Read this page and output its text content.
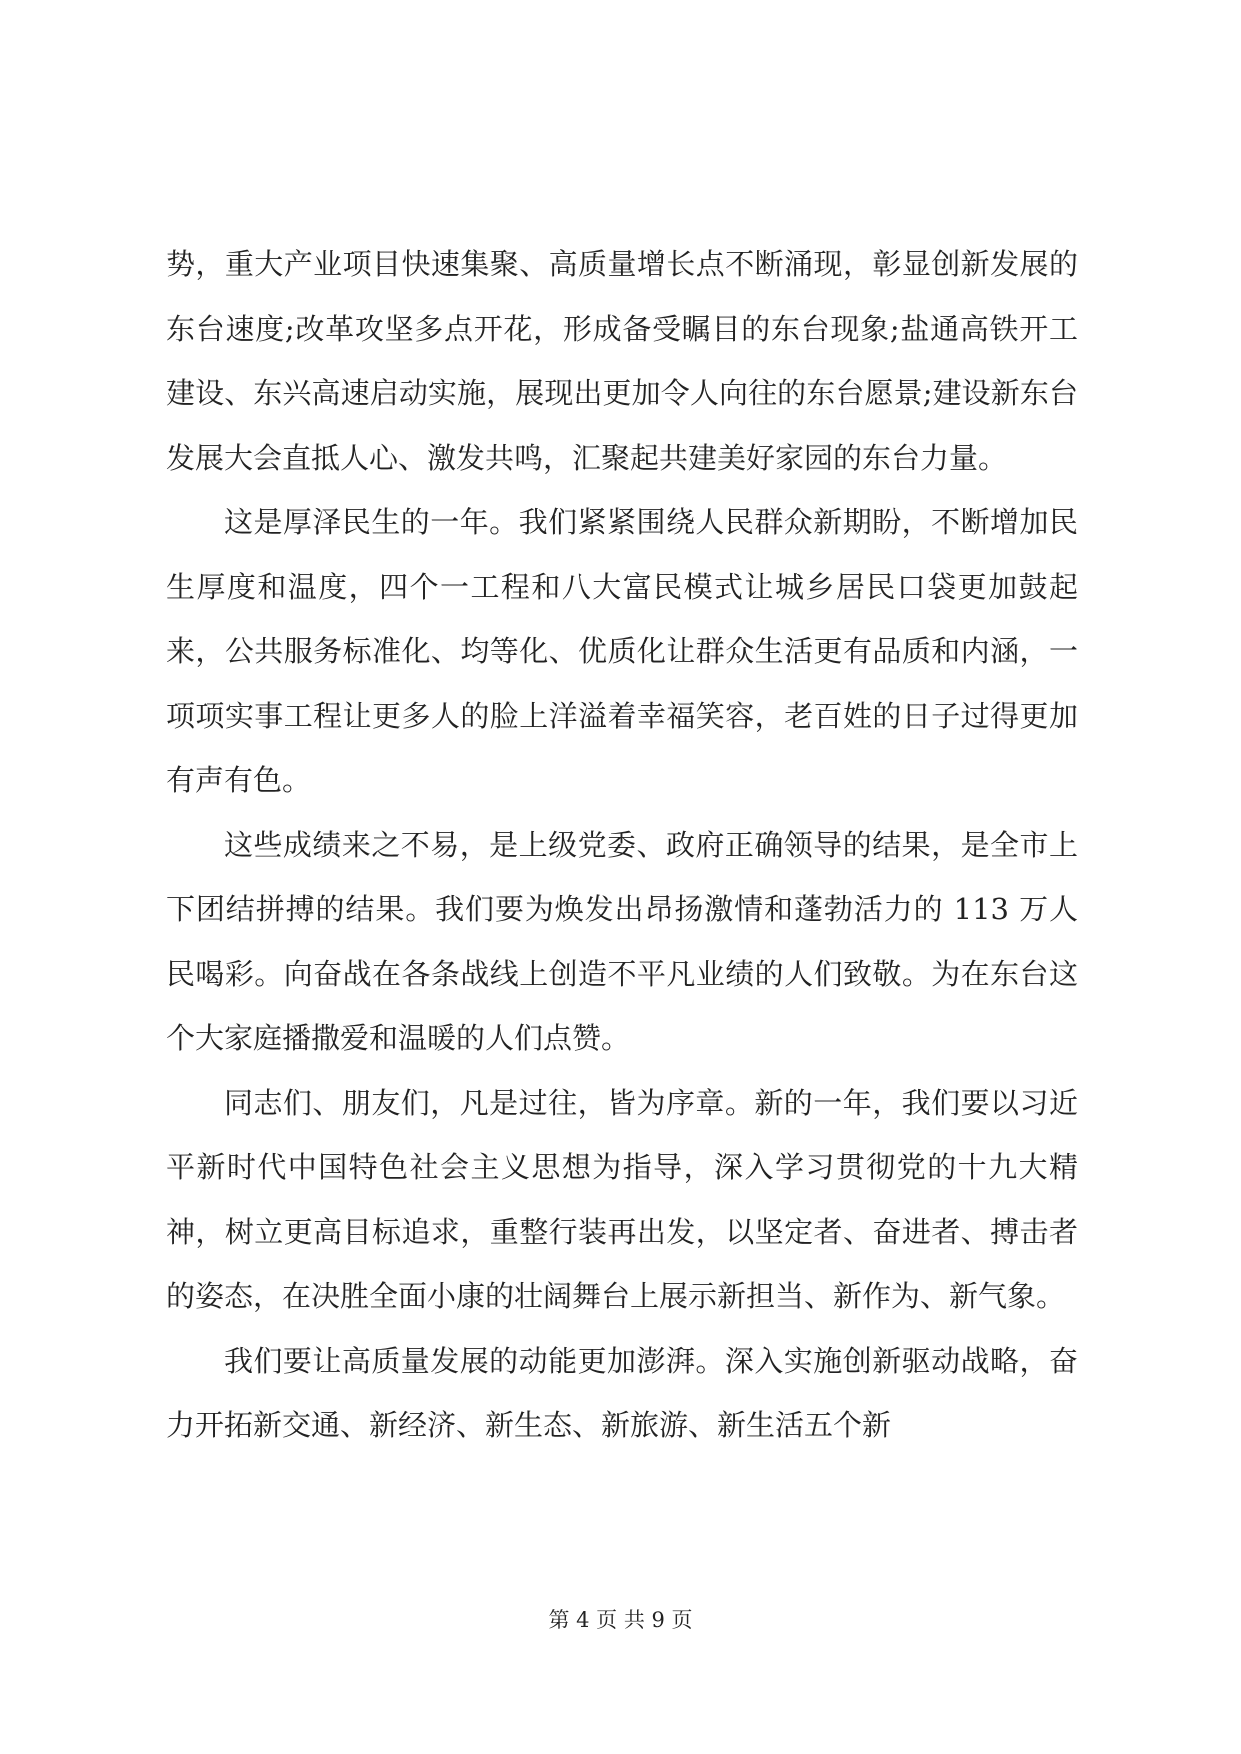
势，重大产业项目快速集聚、高质量增长点不断涌现，彰显创新发展的东台速度;改革攻坚多点开花，形成备受瞩目的东台现象;盐通高铁开工建设、东兴高速启动实施，展现出更加令人向往的东台愿景;建设新东台发展大会直抵人心、激发共鸣，汇聚起共建美好家园的东台力量。

这是厚泽民生的一年。我们紧紧围绕人民群众新期盼，不断增加民生厚度和温度，四个一工程和八大富民模式让城乡居民口袋更加鼓起来，公共服务标准化、均等化、优质化让群众生活更有品质和内涵，一项项实事工程让更多人的脸上洋溢着幸福笑容，老百姓的日子过得更加有声有色。

这些成绩来之不易，是上级党委、政府正确领导的结果，是全市上下团结拼搏的结果。我们要为焕发出昂扬激情和蓬勃活力的 113 万人民喝彩。向奋战在各条战线上创造不平凡业绩的人们致敬。为在东台这个大家庭播撒爱和温暖的人们点赞。

同志们、朋友们，凡是过往，皆为序章。新的一年，我们要以习近平新时代中国特色社会主义思想为指导，深入学习贯彻党的十九大精神，树立更高目标追求，重整行装再出发，以坚定者、奋进者、搏击者的姿态，在决胜全面小康的壮阔舞台上展示新担当、新作为、新气象。

我们要让高质量发展的动能更加澎湃。深入实施创新驱动战略，奋力开拓新交通、新经济、新生态、新旅游、新生活五个新

第 4 页 共 9 页
